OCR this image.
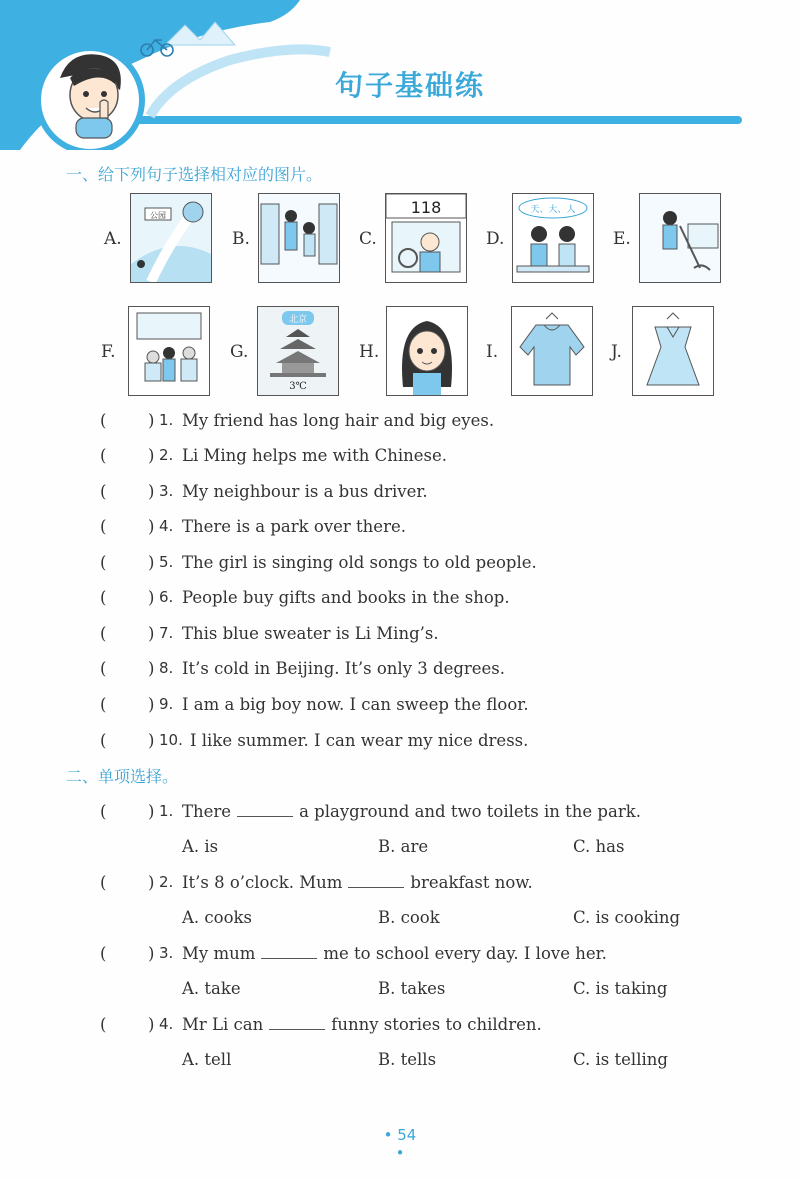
句子基础练
一、给下列句子选择相对应的图片。
A.
公园
B.	C.
118
D.
天、大、人
E.
F.	G.
北京
3℃
H.	I.	J.
(	) 1. My friend has long hair and big eyes.
(	) 2. Li Ming helps me with Chinese.
(	) 3. My neighbour is a bus driver.
(	) 4. There is a park over there.
(	) 5. The girl is singing old songs to old people.
(	) 6. People buy gifts and books in the shop.
(	) 7. This blue sweater is Li Ming’s.
(	) 8. It’s cold in Beijing. It’s only 3 degrees.
(	) 9. I am a big boy now. I can sweep the floor.
(	) 10. I like summer. I can wear my nice dress.
二、单项选择。
(	) 1. There	a playground and two toilets in the park.
A. is	B. are	C. has
(	) 2. It’s 8 o’clock. Mum	breakfast now.
A. cooks	B. cook	C. is cooking
(	) 3. My mum	me to school every day. I love her.
A. take	B. takes	C. is taking
(	) 4. Mr Li can	funny stories to children.
A. tell	B. tells	C. is telling
• 54 •
